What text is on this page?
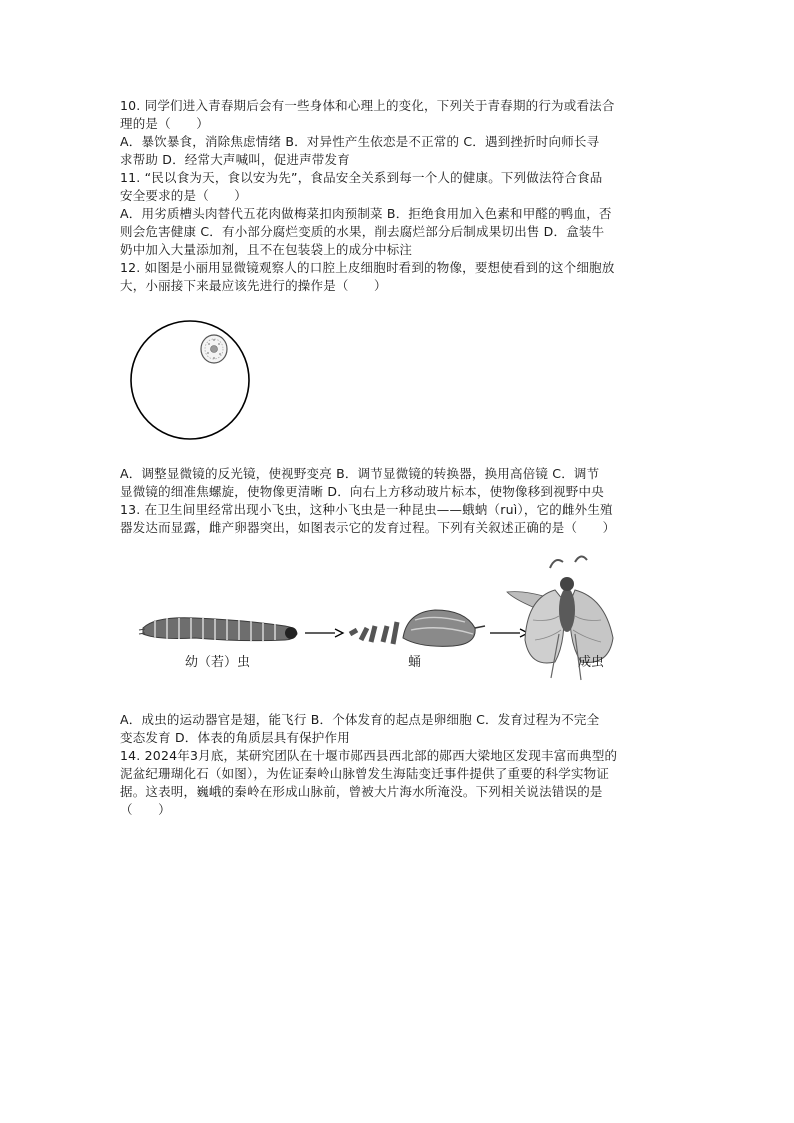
10. 同学们进入青春期后会有一些身体和心理上的变化，下列关于青春期的行为或看法合
理的是（　　）
A．暴饮暴食，消除焦虑情绪 B．对异性产生依恋是不正常的 C．遇到挫折时向师长寻
求帮助 D．经常大声喊叫，促进声带发育
11. “民以食为天，食以安为先”，食品安全关系到每一个人的健康。下列做法符合食品
安全要求的是（　　）
A．用劣质槽头肉替代五花肉做梅菜扣肉预制菜 B．拒绝食用加入色素和甲醛的鸭血，否
则会危害健康 C．有小部分腐烂变质的水果，削去腐烂部分后制成果切出售 D．盒装牛
奶中加入大量添加剂，且不在包装袋上的成分中标注
12. 如图是小丽用显微镜观察人的口腔上皮细胞时看到的物像，要想使看到的这个细胞放
大，小丽接下来最应该先进行的操作是（　　）
A．调整显微镜的反光镜，使视野变亮 B．调节显微镜的转换器，换用高倍镜 C．调节
显微镜的细准焦螺旋，使物像更清晰 D．向右上方移动玻片标本，使物像移到视野中央
13. 在卫生间里经常出现小飞虫，这种小飞虫是一种昆虫——蛾蚋（ruì），它的雌外生殖
器发达而显露，雌产卵器突出，如图表示它的发育过程。下列有关叙述正确的是（　　）
幼（若）虫	蛹	成虫
A．成虫的运动器官是翅，能飞行 B．个体发育的起点是卵细胞 C．发育过程为不完全
变态发育 D．体表的角质层具有保护作用
14. 2024年3月底，某研究团队在十堰市郧西县西北部的郧西大梁地区发现丰富而典型的
泥盆纪珊瑚化石（如图），为佐证秦岭山脉曾发生海陆变迁事件提供了重要的科学实物证
据。这表明，巍峨的秦岭在形成山脉前，曾被大片海水所淹没。下列相关说法错误的是
（　　）
